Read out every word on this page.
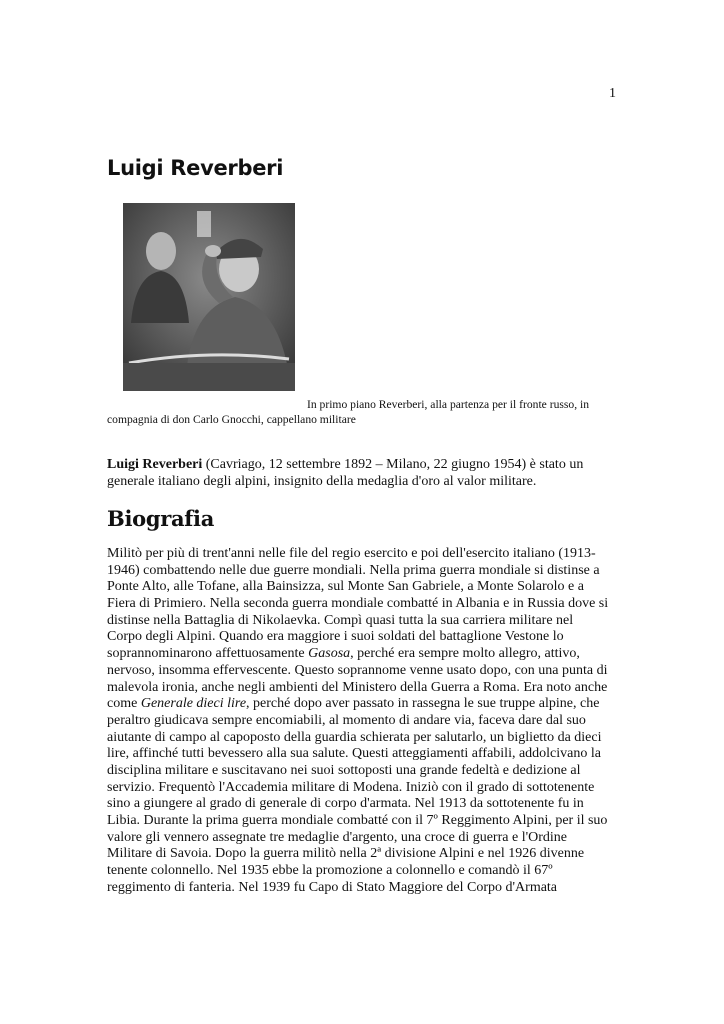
1
Luigi Reverberi

In primo piano Reverberi, alla partenza per il fronte russo, in
compagnia di don Carlo Gnocchi, cappellano militare

Luigi Reverberi (Cavriago, 12 settembre 1892 – Milano, 22 giugno 1954) è stato un
generale italiano degli alpini, insignito della medaglia d'oro al valor militare.

Biografia

Militò per più di trent'anni nelle file del regio esercito e poi dell'esercito italiano (1913-
1946) combattendo nelle due guerre mondiali. Nella prima guerra mondiale si distinse a
Ponte Alto, alle Tofane, alla Bainsizza, sul Monte San Gabriele, a Monte Solarolo e a
Fiera di Primiero. Nella seconda guerra mondiale combatté in Albania e in Russia dove si
distinse nella Battaglia di Nikolaevka. Compì quasi tutta la sua carriera militare nel
Corpo degli Alpini. Quando era maggiore i suoi soldati del battaglione Vestone lo
soprannominarono affettuosamente Gasosa, perché era sempre molto allegro, attivo,
nervoso, insomma effervescente. Questo soprannome venne usato dopo, con una punta di
malevola ironia, anche negli ambienti del Ministero della Guerra a Roma. Era noto anche
come Generale dieci lire, perché dopo aver passato in rassegna le sue truppe alpine, che
peraltro giudicava sempre encomiabili, al momento di andare via, faceva dare dal suo
aiutante di campo al capoposto della guardia schierata per salutarlo, un biglietto da dieci
lire, affinché tutti bevessero alla sua salute. Questi atteggiamenti affabili, addolcivano la
disciplina militare e suscitavano nei suoi sottoposti una grande fedeltà e dedizione al
servizio. Frequentò l'Accademia militare di Modena. Iniziò con il grado di sottotenente
sino a giungere al grado di generale di corpo d'armata. Nel 1913 da sottotenente fu in
Libia. Durante la prima guerra mondiale combatté con il 7º Reggimento Alpini, per il suo
valore gli vennero assegnate tre medaglie d'argento, una croce di guerra e l'Ordine
Militare di Savoia. Dopo la guerra militò nella 2ª divisione Alpini e nel 1926 divenne
tenente colonnello. Nel 1935 ebbe la promozione a colonnello e comandò il 67º
reggimento di fanteria. Nel 1939 fu Capo di Stato Maggiore del Corpo d'Armata
